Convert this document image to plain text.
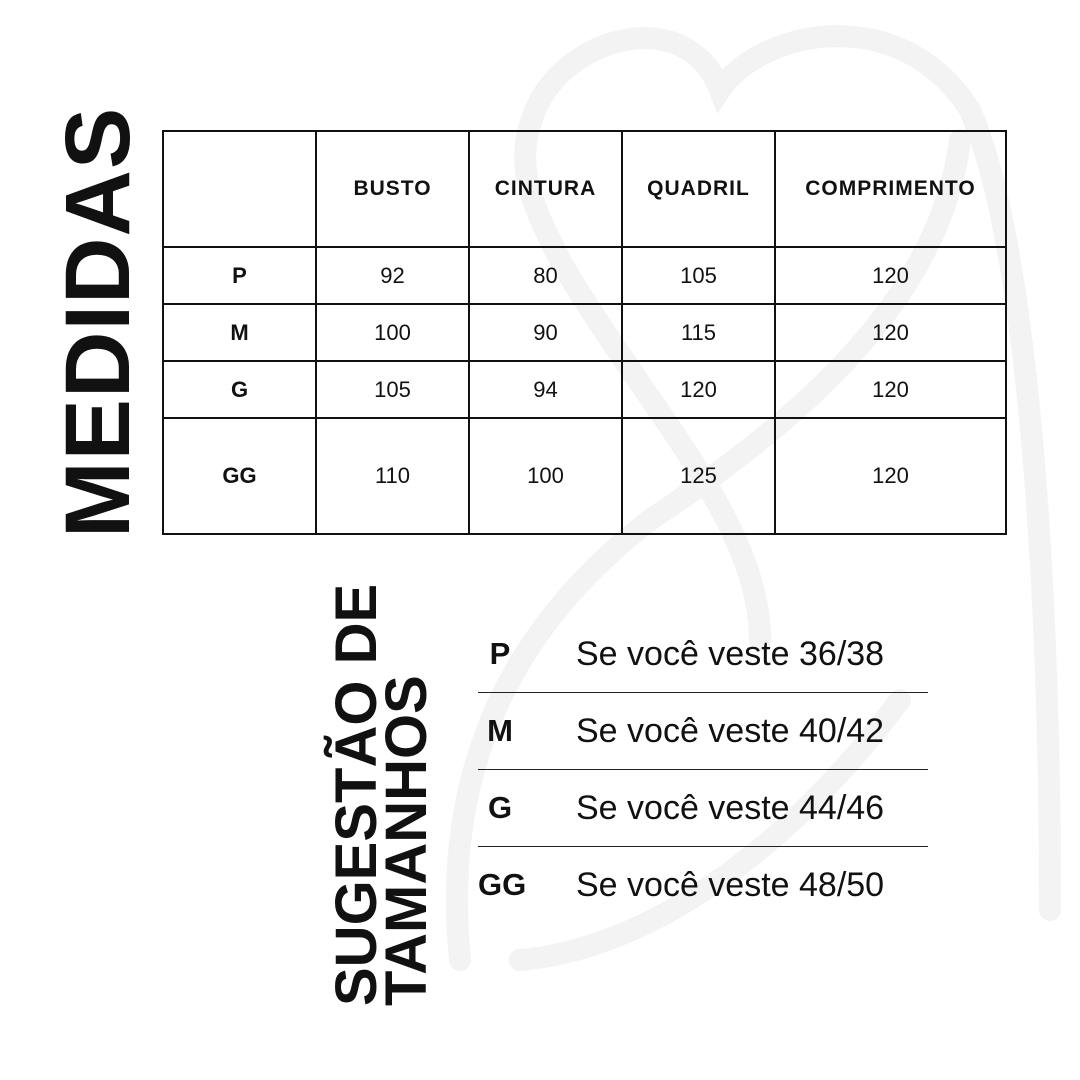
MEDIDAS
		BUSTO	CINTURA	QUADRIL	COMPRIMENTO
P	92	80	105	120
M	100	90	115	120
G	105	94	120	120
GG	110	100	125	120
SUGESTÃO DE
TAMANHOS
P	Se você veste 36/38
M Se você veste 40/42
G Se você veste 44/46
GG Se você veste 48/50
